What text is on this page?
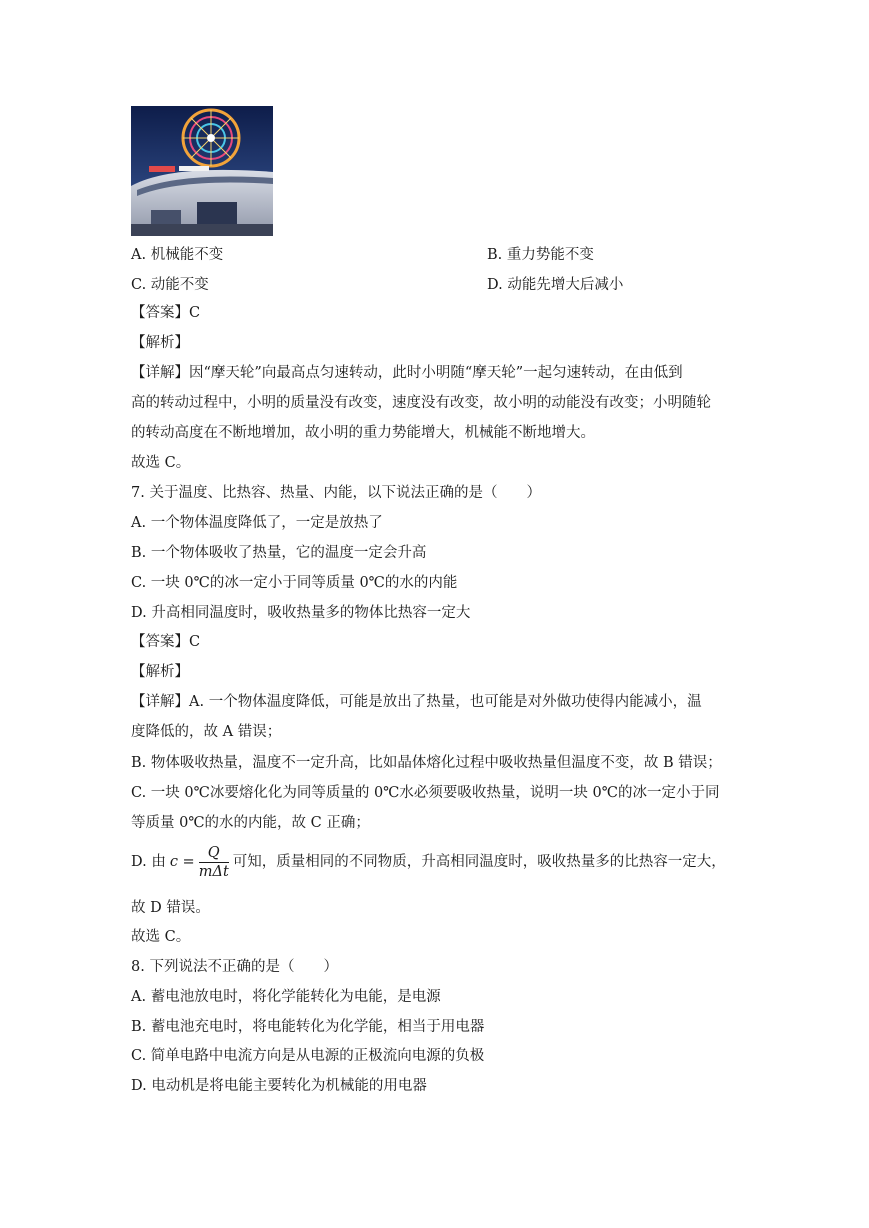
A. 机械能不变	B. 重力势能不变
C. 动能不变	D. 动能先增大后减小
【答案】C
【解析】
【详解】因“摩天轮”向最高点匀速转动，此时小明随“摩天轮”一起匀速转动，在由低到
高的转动过程中，小明的质量没有改变，速度没有改变，故小明的动能没有改变；小明随轮
的转动高度在不断地增加，故小明的重力势能增大，机械能不断地增大。
故选 C。
7. 关于温度、比热容、热量、内能，以下说法正确的是（　　）
A. 一个物体温度降低了，一定是放热了
B. 一个物体吸收了热量，它的温度一定会升高
C. 一块 0℃的冰一定小于同等质量 0℃的水的内能
D. 升高相同温度时，吸收热量多的物体比热容一定大
【答案】C
【解析】
【详解】A. 一个物体温度降低，可能是放出了热量，也可能是对外做功使得内能减小，温
度降低的，故 A 错误；
B. 物体吸收热量，温度不一定升高，比如晶体熔化过程中吸收热量但温度不变，故 B 错误；
C. 一块 0℃冰要熔化化为同等质量的 0℃水必须要吸收热量，说明一块 0℃的冰一定小于同
等质量 0℃的水的内能，故 C 正确；
D. 由 $c = \frac{Q}{\text{mΔt}}$ 可知，质量相同的不同物质，升高相同温度时，吸收热量多的比热容一定大，
故 D 错误。
故选 C。
8. 下列说法不正确的是（　　）
A. 蓄电池放电时，将化学能转化为电能，是电源
B. 蓄电池充电时，将电能转化为化学能，相当于用电器
C. 简单电路中电流方向是从电源的正极流向电源的负极
D. 电动机是将电能主要转化为机械能的用电器
